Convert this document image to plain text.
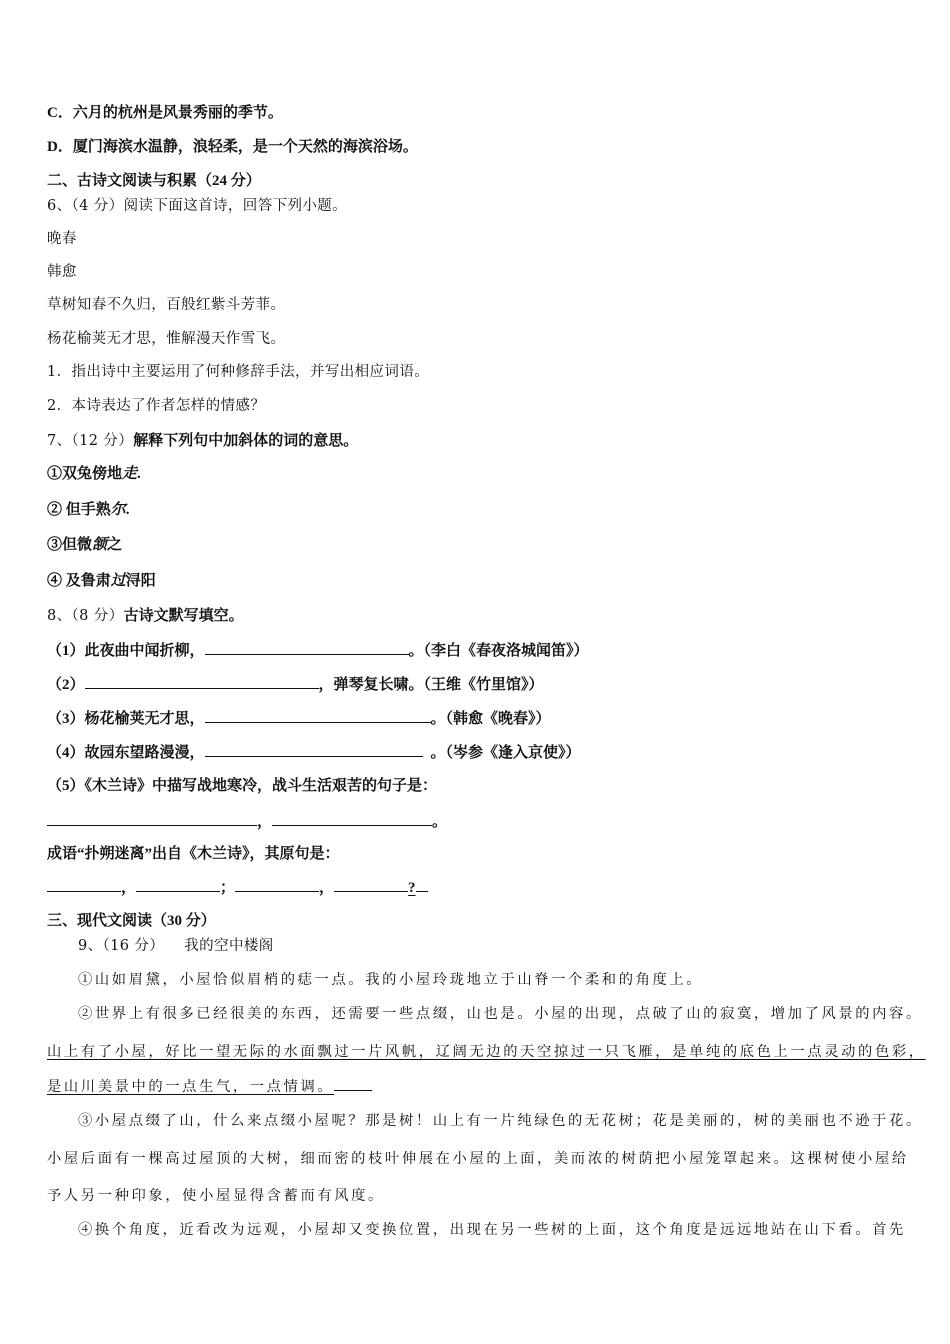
C．六月的杭州是风景秀丽的季节。
D．厦门海滨水温静，浪轻柔，是一个天然的海滨浴场。
二、古诗文阅读与积累（24 分）
6、（4 分）阅读下面这首诗，回答下列小题。
晚春
韩愈
草树知春不久归，百般红紫斗芳菲。
杨花榆荚无才思，惟解漫天作雪飞。
1．指出诗中主要运用了何种修辞手法，并写出相应词语。
2．本诗表达了作者怎样的情感？
7、（12 分）解释下列句中加斜体的词的意思。
①双兔傍地走.
② 但手熟尔.
③但微颔之
④ 及鲁肃过浔阳
8、（8 分）古诗文默写填空。
（1）此夜曲中闻折柳，	。（李白《春夜洛城闻笛》）
（2）	，弹琴复长啸。（王维《竹里馆》）
（3）杨花榆荚无才思，	。（韩愈《晚春》）
（4）故园东望路漫漫，	。（岑参《逢入京使》）
（5）《木兰诗》中描写战地寒冷，战斗生活艰苦的句子是：
，	。
成语“扑朔迷离”出自《木兰诗》，其原句是：
，	；	，	?
三、现代文阅读（30 分）
9、（16 分）    我的空中楼阁
①山如眉黛，小屋恰似眉梢的痣一点。我的小屋玲珑地立于山脊一个柔和的角度上。
②世界上有很多已经很美的东西，还需要一些点缀，山也是。小屋的出现，点破了山的寂寞，增加了风景的内容。
山上有了小屋，好比一望无际的水面飘过一片风帆，辽阔无边的天空掠过一只飞雁，是单纯的底色上一点灵动的色彩，
是山川美景中的一点生气，一点情调。
③小屋点缀了山，什么来点缀小屋呢？那是树！山上有一片纯绿色的无花树；花是美丽的，树的美丽也不逊于花。
小屋后面有一棵高过屋顶的大树，细而密的枝叶伸展在小屋的上面，美而浓的树荫把小屋笼罩起来。这棵树使小屋给
予人另一种印象，使小屋显得含蓄而有风度。
④换个角度，近看改为远观，小屋却又变换位置，出现在另一些树的上面，这个角度是远远地站在山下看。首先
